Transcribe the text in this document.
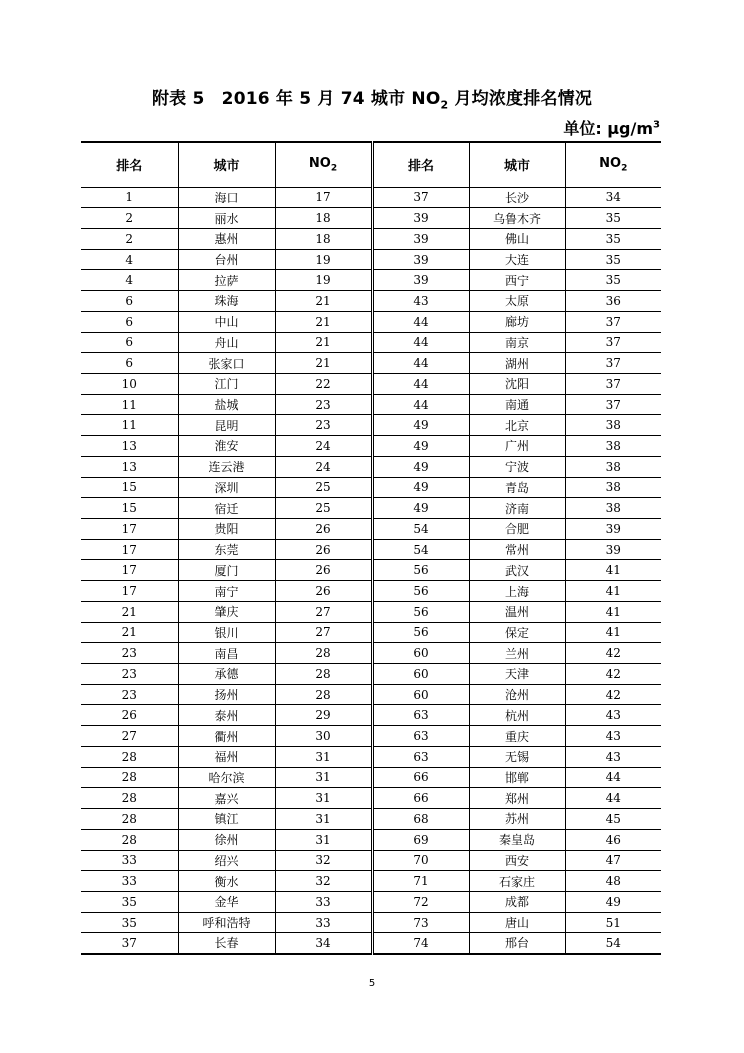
附表 5　2016 年 5 月 74 城市 $NO_2$ 月均浓度排名情况
单位: $\mu g/m^3$
排名	城市	$NO_2$	排名	城市	$NO_2$
1	海口	17	37	长沙	34
2	丽水	18	39	乌鲁木齐	35
2	惠州	18	39	佛山	35
4	台州	19	39	大连	35
4	拉萨	19	39	西宁	35
6	珠海	21	43	太原	36
6	中山	21	44	廊坊	37
6	舟山	21	44	南京	37
6	张家口	21	44	湖州	37
10	江门	22	44	沈阳	37
11	盐城	23	44	南通	37
11	昆明	23	49	北京	38
13	淮安	24	49	广州	38
13	连云港	24	49	宁波	38
15	深圳	25	49	青岛	38
15	宿迁	25	49	济南	38
17	贵阳	26	54	合肥	39
17	东莞	26	54	常州	39
17	厦门	26	56	武汉	41
17	南宁	26	56	上海	41
21	肇庆	27	56	温州	41
21	银川	27	56	保定	41
23	南昌	28	60	兰州	42
23	承德	28	60	天津	42
23	扬州	28	60	沧州	42
26	泰州	29	63	杭州	43
27	衢州	30	63	重庆	43
28	福州	31	63	无锡	43
28	哈尔滨	31	66	邯郸	44
28	嘉兴	31	66	郑州	44
28	镇江	31	68	苏州	45
28	徐州	31	69	秦皇岛	46
33	绍兴	32	70	西安	47
33	衡水	32	71	石家庄	48
35	金华	33	72	成都	49
35	呼和浩特	33	73	唐山	51
37	长春	34	74	邢台	54
5
